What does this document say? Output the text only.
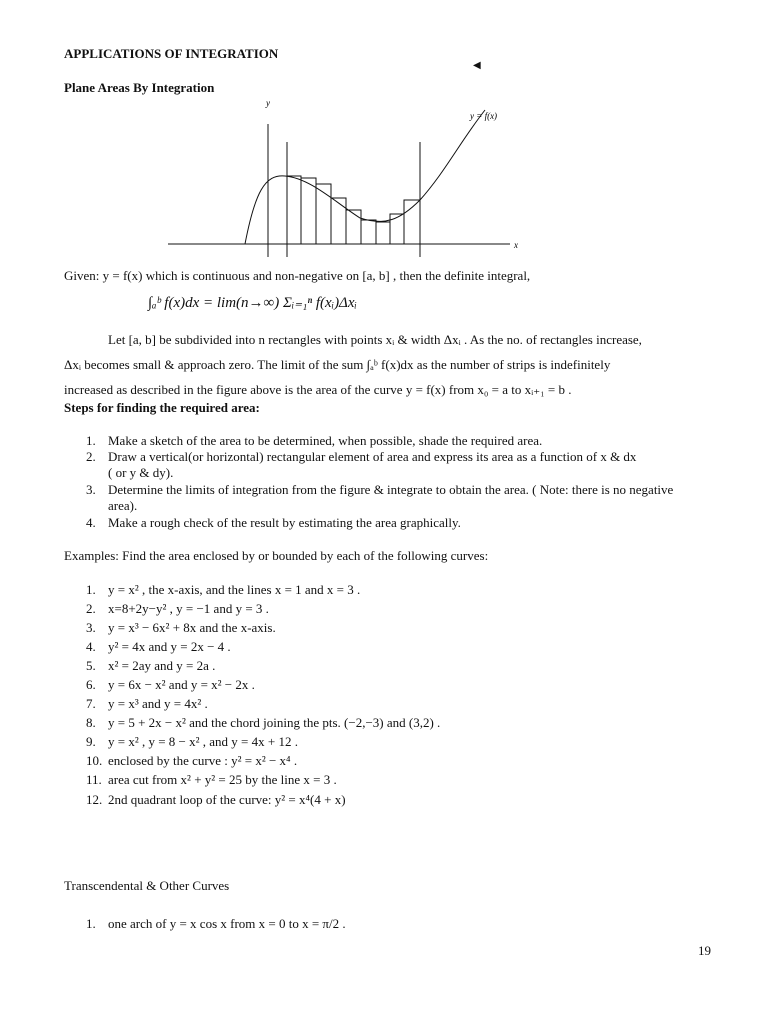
APPLICATIONS OF INTEGRATION
◀
Plane Areas By Integration
y
x
y = f(x)
Given: y = f(x) which is continuous and non-negative on [a, b] , then the definite integral,
∫ₐᵇ f(x)dx = lim(n→∞) Σᵢ₌₁ⁿ f(xᵢ)Δxᵢ
Let [a, b] be subdivided into n rectangles with points xᵢ & width Δxᵢ . As the no. of rectangles increase,
Δxᵢ becomes small & approach zero. The limit of the sum ∫ₐᵇ f(x)dx as the number of strips is indefinitely
increased as described in the figure above is the area of the curve y = f(x) from x₀ = a to xᵢ₊₁ = b .
Steps for finding the required area:
1. Make a sketch of the area to be determined, when possible, shade the required area.
2. Draw a vertical(or horizontal) rectangular element of area and express its area as a function of x & dx
( or y & dy).
3. Determine the limits of integration from the figure & integrate to obtain the area. ( Note: there is no negative
area).
4. Make a rough check of the result by estimating the area graphically.
Examples: Find the area enclosed by or bounded by each of the following curves:
1. y = x² , the x-axis, and the lines x = 1 and x = 3 .
2. x=8+2y−y² , y = −1 and y = 3 .
3. y = x³ − 6x² + 8x and the x-axis.
4. y² = 4x and y = 2x − 4 .
5. x² = 2ay and y = 2a .
6. y = 6x − x² and y = x² − 2x .
7. y = x³ and y = 4x² .
8. y = 5 + 2x − x² and the chord joining the pts. (−2,−3) and (3,2) .
9. y = x² , y = 8 − x² , and y = 4x + 12 .
10. enclosed by the curve : y² = x² − x⁴ .
11. area cut from x² + y² = 25 by the line x = 3 .
12. 2nd quadrant loop of the curve: y² = x⁴(4 + x)
Transcendental & Other Curves
1. one arch of y = x cos x from x = 0 to x = π/2 .
19
